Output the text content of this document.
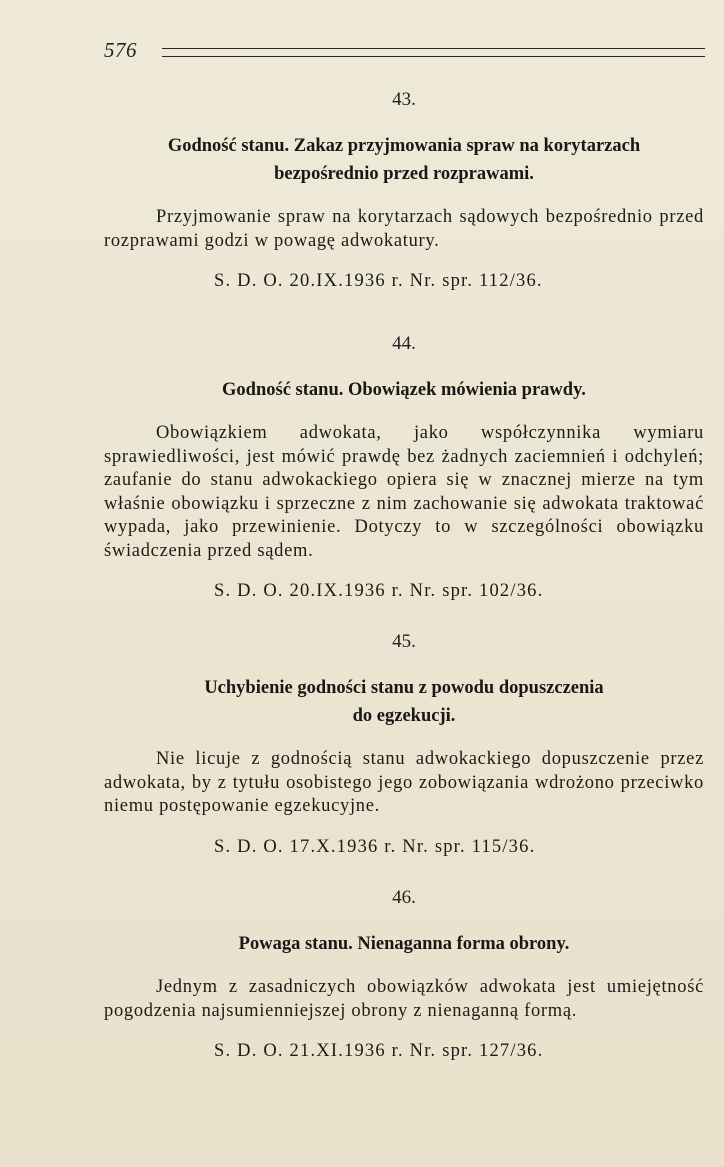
576
43.
Godność stanu. Zakaz przyjmowania spraw na korytarzach
bezpośrednio przed rozprawami.
Przyjmowanie spraw na korytarzach sądowych bezpośrednio przed rozprawami godzi w powagę adwokatury.
S. D. O. 20.IX.1936 r. Nr. spr. 112/36.
44.
Godność stanu. Obowiązek mówienia prawdy.
Obowiązkiem adwokata, jako współczynnika wymiaru sprawiedliwości, jest mówić prawdę bez żadnych zaciemnień i odchyleń; zaufanie do stanu adwokackiego opiera się w znacznej mierze na tym właśnie obowiązku i sprzeczne z nim zachowanie się adwokata traktować wypada, jako przewinienie. Dotyczy to w szczególności obowiązku świadczenia przed sądem.
S. D. O. 20.IX.1936 r. Nr. spr. 102/36.
45.
Uchybienie godności stanu z powodu dopuszczenia
do egzekucji.
Nie licuje z godnością stanu adwokackiego dopuszczenie przez adwokata, by z tytułu osobistego jego zobowiązania wdrożono przeciwko niemu postępowanie egzekucyjne.
S. D. O. 17.X.1936 r. Nr. spr. 115/36.
46.
Powaga stanu. Nienaganna forma obrony.
Jednym z zasadniczych obowiązków adwokata jest umiejętność pogodzenia najsumienniejszej obrony z nienaganną formą.
S. D. O. 21.XI.1936 r. Nr. spr. 127/36.
